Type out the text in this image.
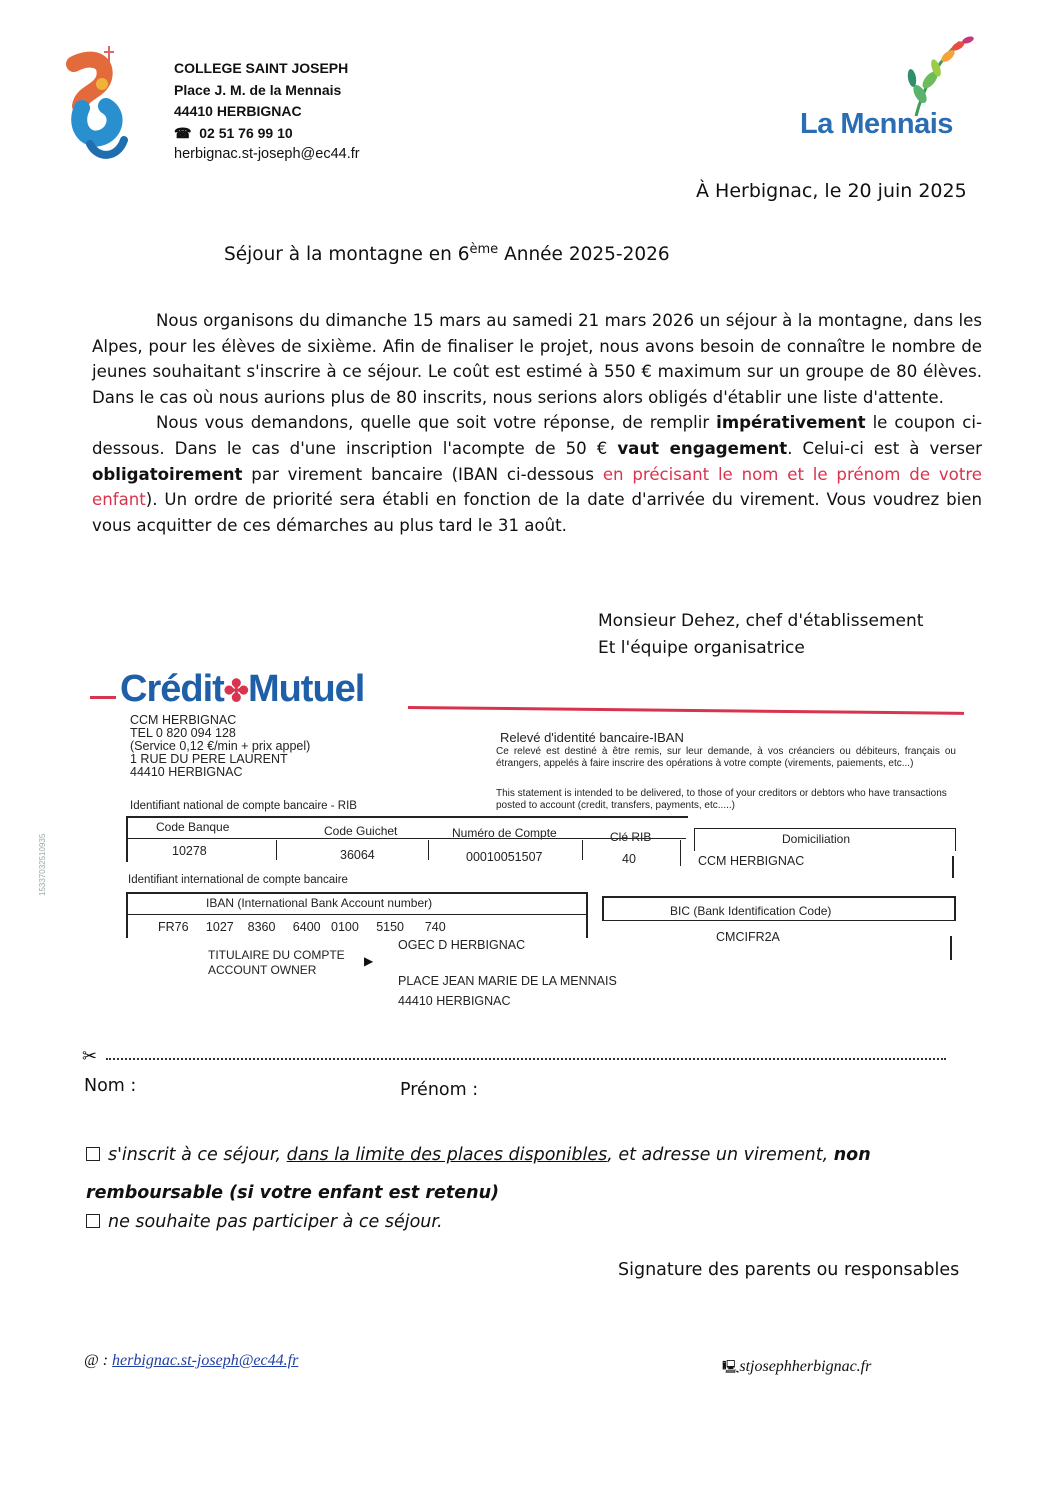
COLLEGE SAINT JOSEPH
Place J. M. de la Mennais
44410 HERBIGNAC
☎ 02 51 76 99 10
herbignac.st-joseph@ec44.fr
La Mennais
À Herbignac, le 20 juin 2025
Séjour à la montagne en 6ème Année 2025-2026

Nous organisons du dimanche 15 mars au samedi 21 mars 2026 un séjour à la montagne, dans les Alpes, pour les élèves de sixième. Afin de finaliser le projet, nous avons besoin de connaître le nombre de jeunes souhaitant s'inscrire à ce séjour. Le coût est estimé à 550 € maximum sur un groupe de 80 élèves. Dans le cas où nous aurions plus de 80 inscrits, nous serions alors obligés d'établir une liste d'attente.

Nous vous demandons, quelle que soit votre réponse, de remplir impérativement le coupon ci-dessous. Dans le cas d'une inscription l'acompte de 50 € vaut engagement. Celui-ci est à verser obligatoirement par virement bancaire (IBAN ci-dessous en précisant le nom et le prénom de votre enfant). Un ordre de priorité sera établi en fonction de la date d'arrivée du virement. Vous voudrez bien vous acquitter de ces démarches au plus tard le 31 août.

Monsieur Dehez, chef d'établissement
Et l'équipe organisatrice
Crédit✤Mutuel
CCM HERBIGNAC
TEL 0 820 094 128
(Service 0,12 €/min + prix appel)
1 RUE DU PERE LAURENT
44410 HERBIGNAC
Relevé d'identité bancaire-IBAN
Ce relevé est destiné à être remis, sur leur demande, à vos créanciers ou débiteurs, français ou étrangers, appelés à faire inscrire des opérations à votre compte (virements, paiements, etc...)
This statement is intended to be delivered, to those of your creditors or debtors who have transactions posted to account (credit, transfers, payments, etc.....)
Identifiant national de compte bancaire - RIB
Code Banque	Code Guichet	Numéro de Compte	Clé RIB	Domiciliation
10278	36064	00010051507	40	CCM HERBIGNAC
Identifiant international de compte bancaire
IBAN (International Bank Account number)
FR76     1027    8360     6400   0100     5150      740
BIC (Bank Identification Code)
CMCIFR2A
TITULAIRE DU COMPTE
ACCOUNT OWNER
▶
OGEC D HERBIGNAC
PLACE JEAN MARIE DE LA MENNAIS
44410 HERBIGNAC
15337032510935
✂
Nom :	Prénom :
s'inscrit à ce séjour, dans la limite des places disponibles, et adresse un virement, non
remboursable (si votre enfant est retenu)
ne souhaite pas participer à ce séjour.
Signature des parents ou responsables
@ : herbignac.st-joseph@ec44.fr	🖳stjosephherbignac.fr
